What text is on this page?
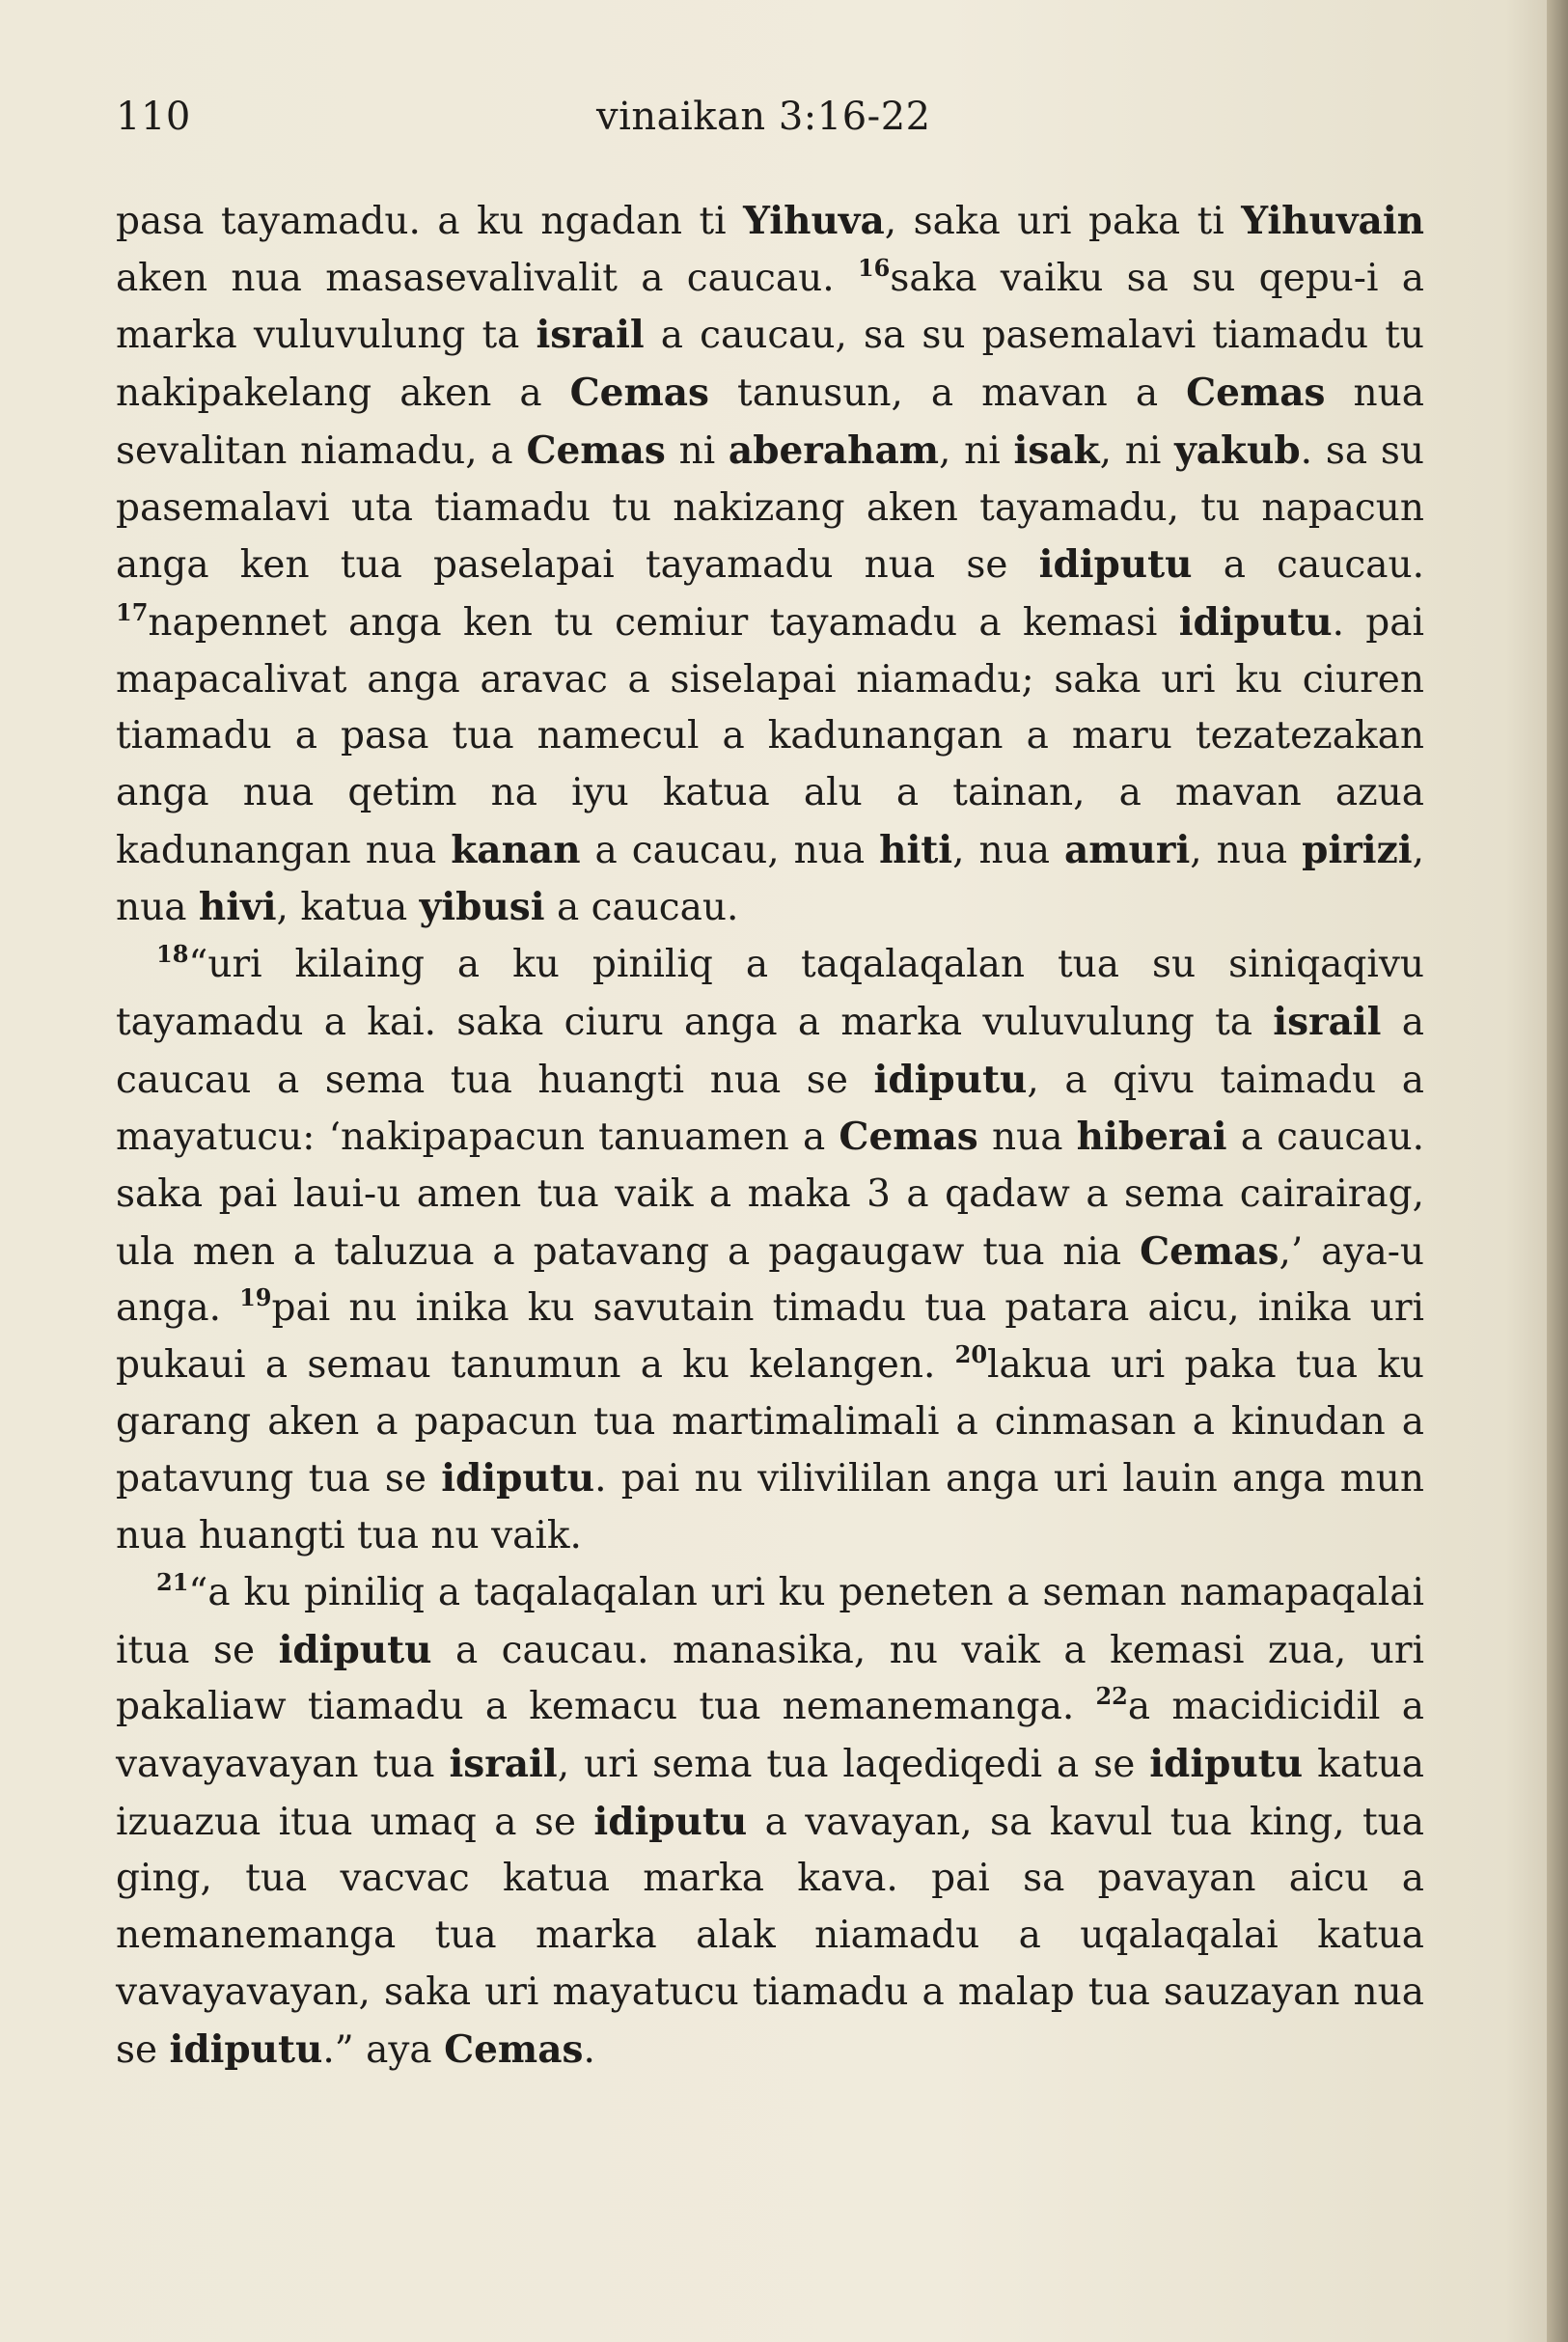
110	vinaikan 3:16-22

pasa tayamadu. a ku ngadan ti Yihuva, saka uri paka ti Yihuvain aken nua masasevalivalit a caucau. $^{16}$saka vaiku sa su qepu-i a marka vuluvulung ta israil a caucau, sa su pasemalavi tiamadu tu nakipakelang aken a Cemas tanusun, a mavan a Cemas nua sevalitan niamadu, a Cemas ni aberaham, ni isak, ni yakub. sa su pasemalavi uta tiamadu tu nakizang aken tayamadu, tu napacun anga ken tua paselapai tayamadu nua se idiputu a caucau. $^{17}$napennet anga ken tu cemiur tayamadu a kemasi idiputu. pai mapacalivat anga aravac a siselapai niamadu; saka uri ku ciuren tiamadu a pasa tua namecul a kadunangan a maru tezatezakan anga nua qetim na iyu katua alu a tainan, a mavan azua kadunangan nua kanan a caucau, nua hiti, nua amuri, nua pirizi, nua hivi, katua yibusi a caucau.

$^{18}$“uri kilaing a ku piniliq a taqalaqalan tua su siniqaqivu tayamadu a kai. saka ciuru anga a marka vuluvulung ta israil a caucau a sema tua huangti nua se idiputu, a qivu taimadu a mayatucu: ‘nakipapacun tanuamen a Cemas nua hiberai a caucau. saka pai laui-u amen tua vaik a maka 3 a qadaw a sema cairairag, ula men a taluzua a patavang a pagaugaw tua nia Cemas,’ aya-u anga. $^{19}$pai nu inika ku savutain timadu tua patara aicu, inika uri pukaui a semau tanumun a ku kelangen. $^{20}$lakua uri paka tua ku garang aken a papacun tua martimalimali a cinmasan a kinudan a patavung tua se idiputu. pai nu vilivililan anga uri lauin anga mun nua huangti tua nu vaik.

$^{21}$“a ku piniliq a taqalaqalan uri ku peneten a seman namapaqalai itua se idiputu a caucau. manasika, nu vaik a kemasi zua, uri pakaliaw tiamadu a kemacu tua nemanemanga. $^{22}$a macidicidil a vavayavayan tua israil, uri sema tua laqediqedi a se idiputu katua izuazua itua umaq a se idiputu a vavayan, sa kavul tua king, tua ging, tua vacvac katua marka kava. pai sa pavayan aicu a nemanemanga tua marka alak niamadu a uqalaqalai katua vavayavayan, saka uri mayatucu tiamadu a malap tua sauzayan nua se idiputu.” aya Cemas.
